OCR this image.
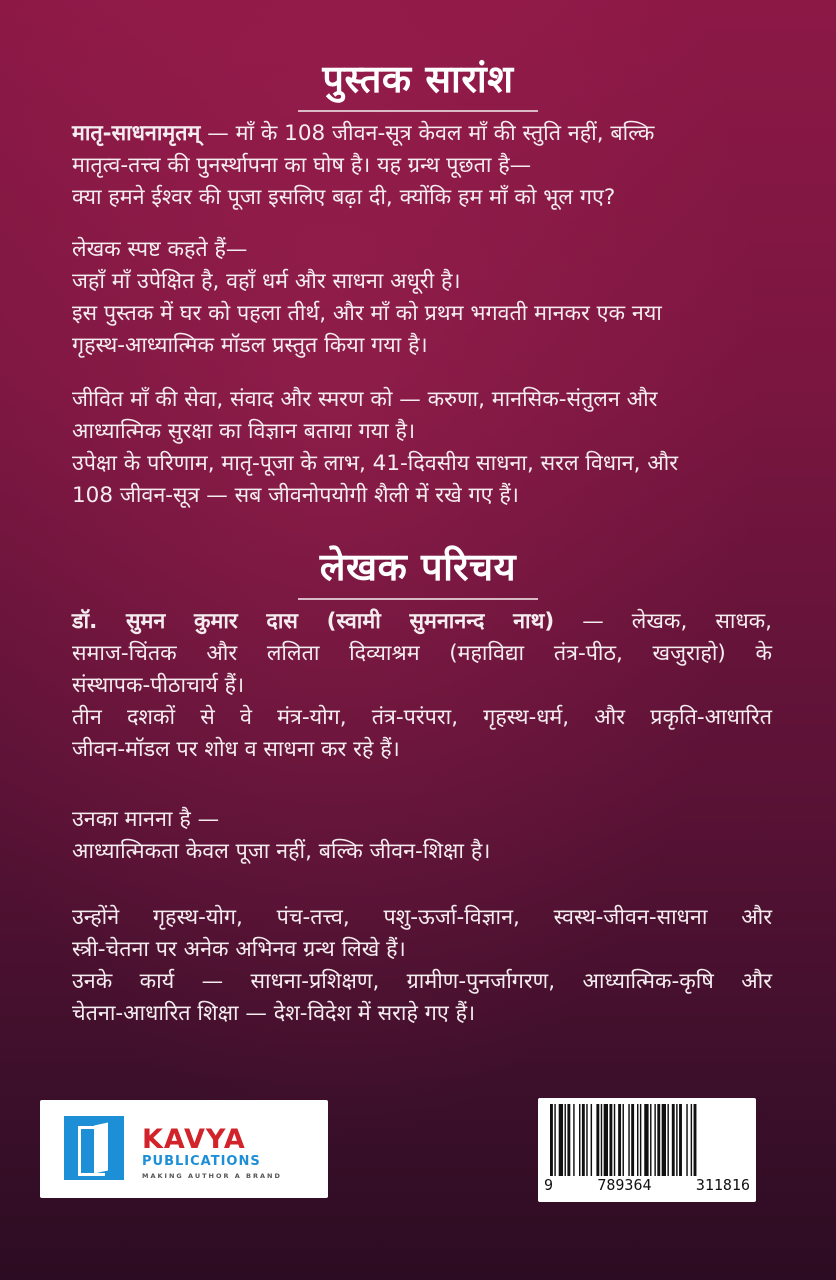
पुस्तक सारांश
मातृ-साधनामृतम् — माँ के 108 जीवन-सूत्र केवल माँ की स्तुति नहीं, बल्कि
मातृत्व-तत्त्व की पुनर्स्थापना का घोष है। यह ग्रन्थ पूछता है—
क्या हमने ईश्वर की पूजा इसलिए बढ़ा दी, क्योंकि हम माँ को भूल गए?
लेखक स्पष्ट कहते हैं—
जहाँ माँ उपेक्षित है, वहाँ धर्म और साधना अधूरी है।
इस पुस्तक में घर को पहला तीर्थ, और माँ को प्रथम भगवती मानकर एक नया
गृहस्थ-आध्यात्मिक मॉडल प्रस्तुत किया गया है।
जीवित माँ की सेवा, संवाद और स्मरण को — करुणा, मानसिक-संतुलन और
आध्यात्मिक सुरक्षा का विज्ञान बताया गया है।
उपेक्षा के परिणाम, मातृ-पूजा के लाभ, 41-दिवसीय साधना, सरल विधान, और
108 जीवन-सूत्र — सब जीवनोपयोगी शैली में रखे गए हैं।
लेखक परिचय
डॉ. सुमन कुमार दास (स्वामी सुमनानन्द नाथ) — लेखक, साधक,
समाज-चिंतक और ललिता दिव्याश्रम (महाविद्या तंत्र-पीठ, खजुराहो) के
संस्थापक-पीठाचार्य हैं।
तीन दशकों से वे मंत्र-योग, तंत्र-परंपरा, गृहस्थ-धर्म, और प्रकृति-आधारित
जीवन-मॉडल पर शोध व साधना कर रहे हैं।
उनका मानना है —
आध्यात्मिकता केवल पूजा नहीं, बल्कि जीवन-शिक्षा है।
उन्होंने गृहस्थ-योग, पंच-तत्त्व, पशु-ऊर्जा-विज्ञान, स्वस्थ-जीवन-साधना और
स्त्री-चेतना पर अनेक अभिनव ग्रन्थ लिखे हैं।
उनके कार्य — साधना-प्रशिक्षण, ग्रामीण-पुनर्जागरण, आध्यात्मिक-कृषि और
चेतना-आधारित शिक्षा — देश-विदेश में सराहे गए हैं।
KAVYA
PUBLICATIONS
MAKING AUTHOR A BRAND	9	789364	311816
